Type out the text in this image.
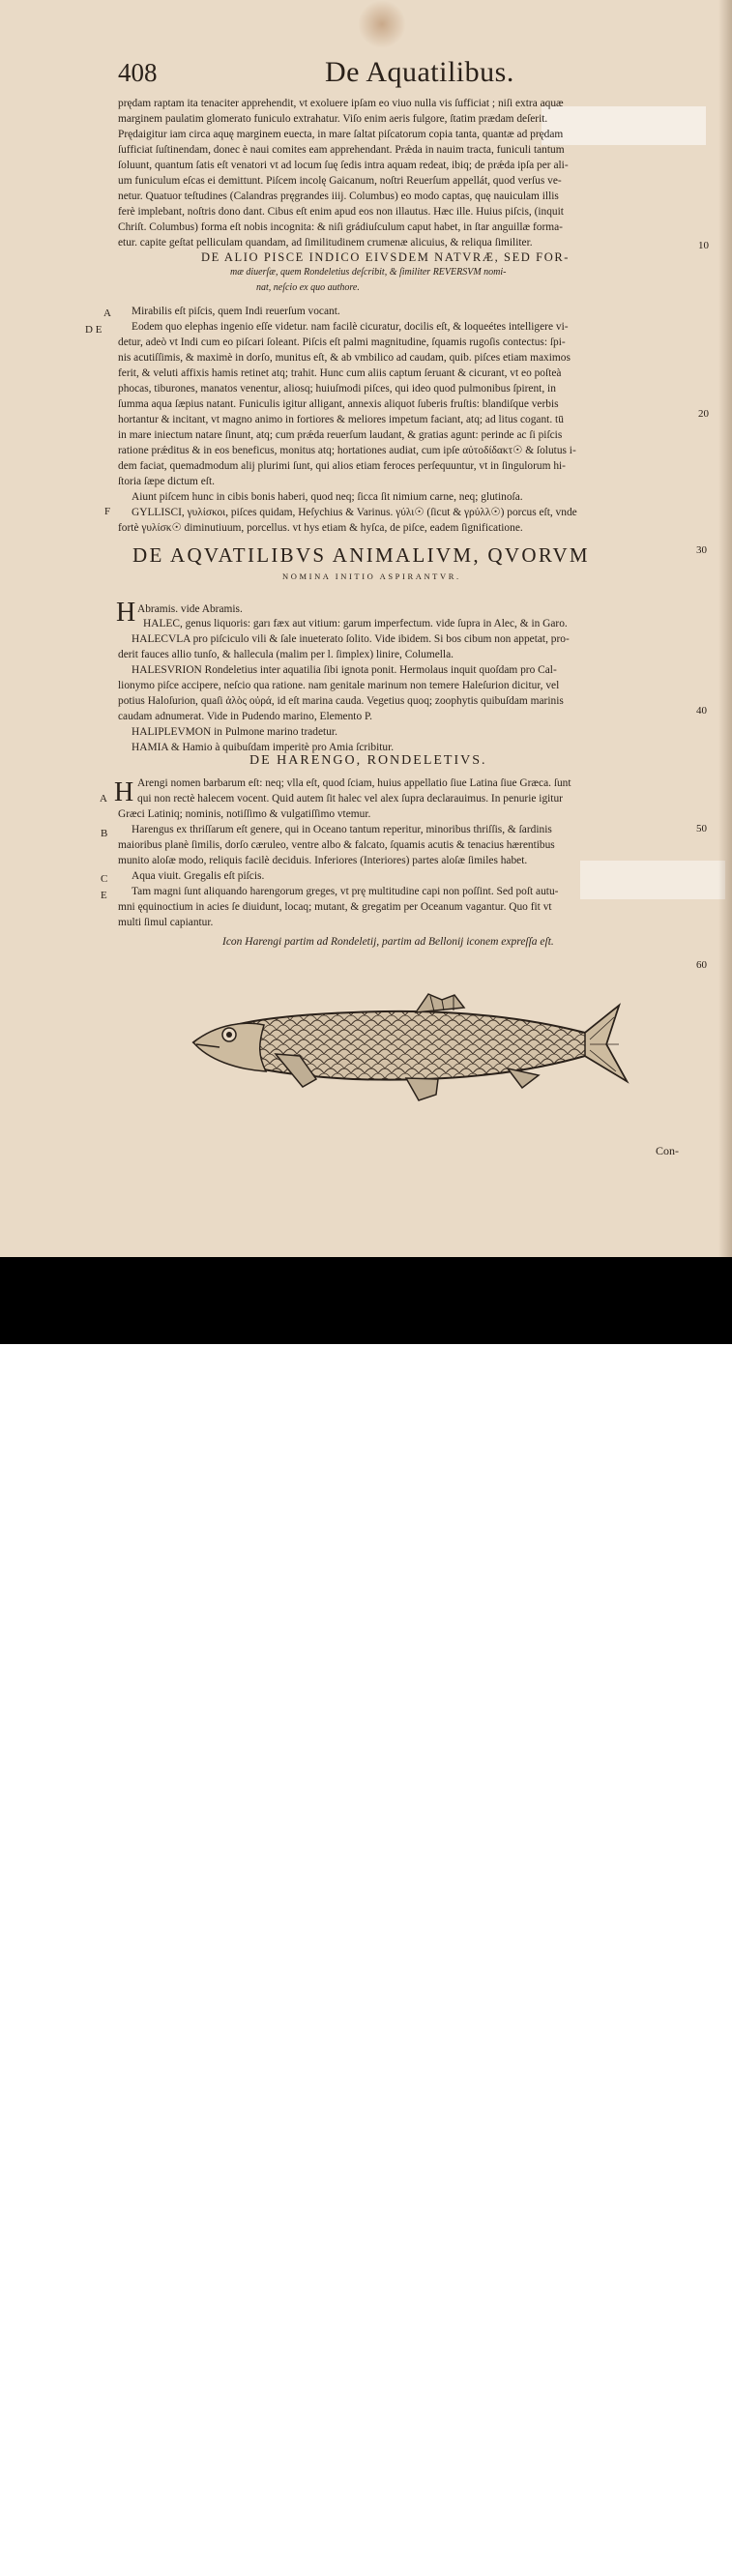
408	De Aquatilibus.
prędam raptam ita tenaciter apprehendit, vt exoluere ipſam eo viuo nulla vis ſufficiat ; niſi extra aquæ
marginem paulatim glomerato funiculo extrahatur. Viſo enim aeris fulgore, ſtatim prædam deſerit.
Prędaigitur iam circa aquę marginem euecta, in mare ſaltat piſcatorum copia tanta, quantæ ad prędam
ſufficiat ſuſtinendam, donec è naui comites eam apprehendant. Prǽda in nauim tracta, funiculi tantum
ſoluunt, quantum ſatis eſt venatori vt ad locum ſuę ſedis intra aquam redeat, ibiq; de prǽda ipſa per ali-
um funiculum eſcas ei demittunt. Piſcem incolę Gaicanum, noſtri Reuerſum appellát, quod verſus ve-
netur. Quatuor teſtudines (Calandras pręgrandes iiij. Columbus) eo modo captas, quę nauiculam illis
ferè implebant, noſtris dono dant. Cibus eſt enim apud eos non illautus. Hæc ille. Huius piſcis, (inquit
Chriſt. Columbus) forma eſt nobis incognita: & niſi grádiuſculum caput habet, in ſtar anguillæ forma-
etur. capite geſtat pelliculam quandam, ad ſimilitudinem crumenæ alicuius, & reliqua ſimiliter.
DE ALIO PISCE INDICO EIVSDEM NATVRÆ, SED FOR-
mæ diuerſæ, quem Rondeletius deſcribit, & ſimiliter REVERSVM nomi-
nat, neſcio ex quo authore.
Mirabilis eſt piſcis, quem Indi reuerſum vocant.
Eodem quo elephas ingenio eſſe videtur. nam facilè cicuratur, docilis eſt, & loqueétes intelligere vi-
detur, adeò vt Indi cum eo piſcari ſoleant. Piſcis eſt palmi magnitudine, ſquamis rugoſis contectus: ſpi-
nis acutiſſimis, & maximè in dorſo, munitus eſt, & ab vmbilico ad caudam, quib. piſces etiam maximos
ferit, & veluti affixis hamis retinet atq; trahit. Hunc cum aliis captum ſeruant & cicurant, vt eo poſteà
phocas, tiburones, manatos venentur, aliosq; huiuſmodi piſces, qui ideo quod pulmonibus ſpirent, in
ſumma aqua ſæpius natant. Funiculis igitur alligant, annexis aliquot ſuberis fruſtis: blandiſque verbis
hortantur & incitant, vt magno animo in fortiores & meliores impetum faciant, atq; ad litus cogant. tū
in mare iniectum natare ſinunt, atq; cum prǽda reuerſum laudant, & gratias agunt: perinde ac ſi piſcis
ratione prǽditus & in eos beneficus, monitus atq; hortationes audiat, cum ipſe αὐτοδίδακτ☉ & ſolutus i-
dem faciat, quemadmodum alij plurimi ſunt, qui alios etiam feroces perſequuntur, vt in ſingulorum hi-
ſtoria ſæpe dictum eſt.
Aiunt piſcem hunc in cibis bonis haberi, quod neq; ſicca ſit nimium carne, neq; glutinoſa.
GYLLISCI, γυλίσκοι, piſces quidam, Heſychius & Varinus. γύλι☉ (ſicut & γρύλλ☉) porcus eſt, vnde
fortè γυλίσκ☉ diminutiuum, porcellus. vt hys etiam & hyſca, de piſce, eadem ſignificatione.
DE AQVATILIBVS ANIMALIVM, QVORVM
NOMINA INITIO ASPIRANTVR.
H Abramis. vide Abramis.
HALEC, genus liquoris: garı fæx aut vitium: garum imperfectum. vide ſupra in Alec, & in Garo.
HALECVLA pro piſciculo vili & ſale inueterato ſolito. Vide ibidem. Si bos cibum non appetat, pro-
derit fauces allio tunſo, & hallecula (malim per l. ſimplex) linire, Columella.
HALESVRION Rondeletius inter aquatilia ſibi ignota ponit. Hermolaus inquit quoſdam pro Cal-
lionymo piſce accipere, neſcio qua ratione. nam genitale marinum non temere Haleſurion dicitur, vel
potius Haloſurion, quaſi ἁλὸς οὐρά, id eſt marina cauda. Vegetius quoq; zoophytis quibuſdam marinis
caudam adnumerat. Vide in Pudendo marino, Elemento P.
HALIPLEVMON in Pulmone marino tradetur.
HAMIA & Hamio à quibuſdam imperitè pro Amia ſcribitur.
DE HARENGO, RONDELETIVS.
H Arengi nomen barbarum eſt: neq; vlla eſt, quod ſciam, huius appellatio ſiue Latina ſiue Græca. ſunt
qui non rectè halecem vocent. Quid autem ſit halec vel alex ſupra declarauimus. In penurie igitur
Græci Latiniq; nominis, notiſſimo & vulgatiſſimo vtemur.
Harengus ex thriſſarum eſt genere, qui in Oceano tantum reperitur, minoribus thriſſis, & ſardinis
maioribus planè ſimilis, dorſo cæruleo, ventre albo & falcato, ſquamis acutis & tenacius hærentibus
munito aloſæ modo, reliquis facilè deciduis. Inferiores (Interiores) partes aloſæ ſimiles habet.
Aqua viuit. Gregalis eſt piſcis.
Tam magni ſunt aliquando harengorum greges, vt prę multitudine capi non poſſint. Sed poſt autu-
mni ęquinoctium in acies ſe diuidunt, locaq; mutant, & gregatim per Oceanum vagantur. Quo fit vt
multi ſimul capiantur.
Icon Harengi partim ad Rondeletij, partim ad Bellonij iconem expreſſa eſt.
A
D E
F
A
B
C
E
10
20
30
40
50
60
Con-
alamy	Image ID: FHCHTC
www.alamy.com
